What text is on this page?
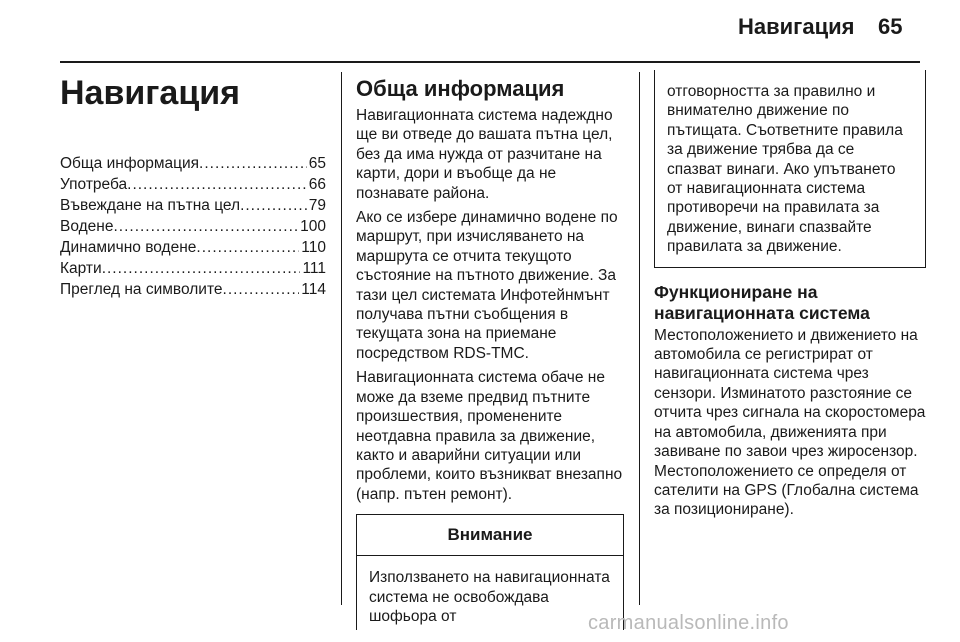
Навигация 65
Навигация
Обща информация .....	65
Употреба .....	66
Въвеждане на пътна цел .....	79
Водене .....	100
Динамично водене .....	110
Карти .....	111
Преглед на символите .....	114
Обща информация

Навигационната система надеждно ще ви отведе до вашата пътна цел, без да има нужда от разчитане на карти, дори и въобще да не познавате района.

Ако се избере динамично водене по маршрут, при изчисляването на маршрута се отчита текущото състояние на пътното движение. За тази цел системата Инфотейнмънт получава пътни съобщения в текущата зона на приемане посредством RDS-TMC.

Навигационната система обаче не може да вземе предвид пътните произшествия, променените неотдавна правила за движение, както и аварийни ситуации или проблеми, които възникват внезапно (напр. пътен ремонт).

Внимание
Използването на навигационната система не освобождава шофьора от
отговорността за правилно и внимателно движение по пътищата. Съответните правила за движение трябва да се спазват винаги. Ако упътването от навигационната система противоречи на правилата за движение, винаги спазвайте правилата за движение.
Функциониране на навигационната система

Местоположението и движението на автомобила се регистрират от навигационната система чрез сензори. Изминатото разстояние се отчита чрез сигнала на скоростомера на автомобила, движенията при завиване по завои чрез жиросензор.

Местоположението се определя от сателити на GPS (Глобална система за позициониране).

carmanualsonline.info
